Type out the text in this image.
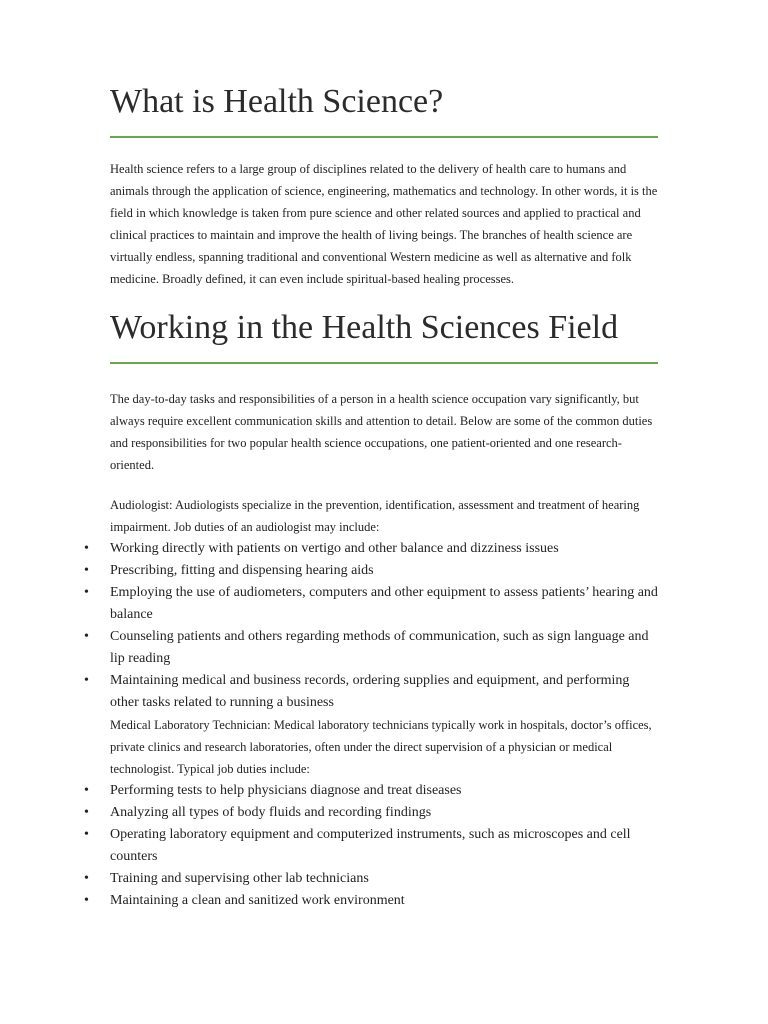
What is Health Science?

Health science refers to a large group of disciplines related to the delivery of health care to humans and animals through the application of science, engineering, mathematics and technology. In other words, it is the field in which knowledge is taken from pure science and other related sources and applied to practical and clinical practices to maintain and improve the health of living beings. The branches of health science are virtually endless, spanning traditional and conventional Western medicine as well as alternative and folk medicine. Broadly defined, it can even include spiritual-based healing processes.

Working in the Health Sciences Field

The day-to-day tasks and responsibilities of a person in a health science occupation vary significantly, but always require excellent communication skills and attention to detail. Below are some of the common duties and responsibilities for two popular health science occupations, one patient-oriented and one research-oriented.

Audiologist: Audiologists specialize in the prevention, identification, assessment and treatment of hearing impairment. Job duties of an audiologist may include:

• Working directly with patients on vertigo and other balance and dizziness issues
• Prescribing, fitting and dispensing hearing aids
• Employing the use of audiometers, computers and other equipment to assess patients’ hearing and balance
• Counseling patients and others regarding methods of communication, such as sign language and lip reading
• Maintaining medical and business records, ordering supplies and equipment, and performing other tasks related to running a business

Medical Laboratory Technician: Medical laboratory technicians typically work in hospitals, doctor’s offices, private clinics and research laboratories, often under the direct supervision of a physician or medical technologist. Typical job duties include:

• Performing tests to help physicians diagnose and treat diseases
• Analyzing all types of body fluids and recording findings
• Operating laboratory equipment and computerized instruments, such as microscopes and cell counters
• Training and supervising other lab technicians
• Maintaining a clean and sanitized work environment
